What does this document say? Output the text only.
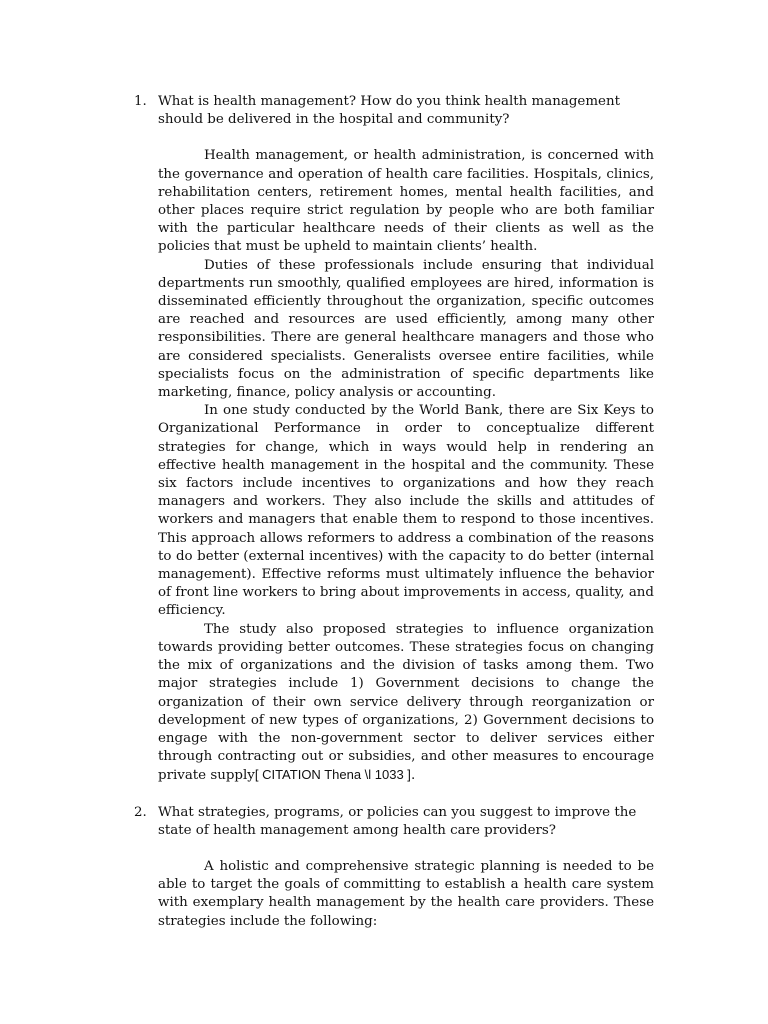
1. What is health management? How do you think health management should be delivered in the hospital and community?

Health management, or health administration, is concerned with the governance and operation of health care facilities. Hospitals, clinics, rehabilitation centers, retirement homes, mental health facilities, and other places require strict regulation by people who are both familiar with the particular healthcare needs of their clients as well as the policies that must be upheld to maintain clients’ health.

Duties of these professionals include ensuring that individual departments run smoothly, qualified employees are hired, information is disseminated efficiently throughout the organization, specific outcomes are reached and resources are used efficiently, among many other responsibilities. There are general healthcare managers and those who are considered specialists. Generalists oversee entire facilities, while specialists focus on the administration of specific departments like marketing, finance, policy analysis or accounting.

In one study conducted by the World Bank, there are Six Keys to Organizational Performance in order to conceptualize different strategies for change, which in ways would help in rendering an effective health management in the hospital and the community. These six factors include incentives to organizations and how they reach managers and workers. They also include the skills and attitudes of workers and managers that enable them to respond to those incentives. This approach allows reformers to address a combination of the reasons to do better (external incentives) with the capacity to do better (internal management). Effective reforms must ultimately influence the behavior of front line workers to bring about improvements in access, quality, and efficiency.

The study also proposed strategies to influence organization towards providing better outcomes. These strategies focus on changing the mix of organizations and the division of tasks among them. Two major strategies include 1) Government decisions to change the organization of their own service delivery through reorganization or development of new types of organizations, 2) Government decisions to engage with the non-government sector to deliver services either through contracting out or subsidies, and other measures to encourage private supply[ CITATION Thena \l 1033 ].

2. What strategies, programs, or policies can you suggest to improve the state of health management among health care providers?

A holistic and comprehensive strategic planning is needed to be able to target the goals of committing to establish a health care system with exemplary health management by the health care providers. These strategies include the following:
